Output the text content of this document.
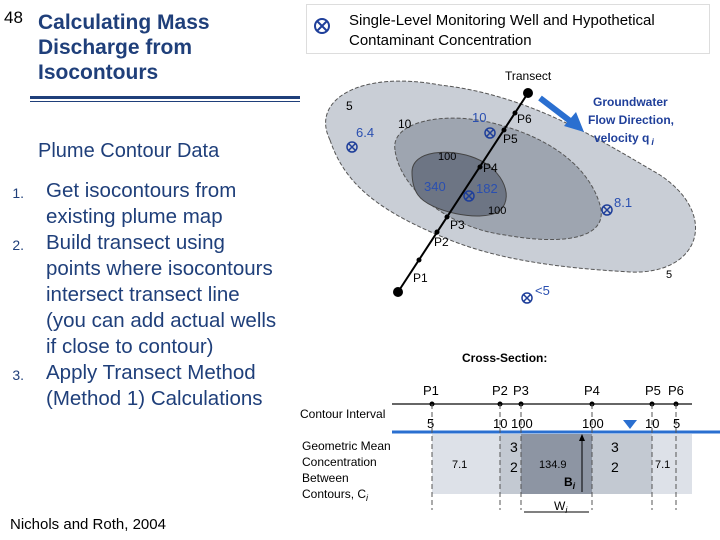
48 Calculating Mass Discharge from Isocontours
Plume Contour Data
1. Get isocontours from existing plume map
2. Build transect using points where isocontours intersect transect line (you can add actual wells if close to contour)
3. Apply Transect Method (Method 1) Calculations
Nichols and Roth, 2004
Transect
P1
P2
P3
P4
P5
P6
5
10	10
100
100
5
6.4
340 182
8.1
<5
Groundwater
Flow Direction,
velocity q $_i$
Cross-Section:
P1	P2 P3	P4	P5 P6
Contour Interval
5	10 100	100	10 5
7.1	134.9	7.1
3
2
3
2
$B_i$
$W_i$
Geometric Mean
Concentration
Between
Contours, $C_i$
Single-Level Monitoring Well and Hypothetical Contaminant Concentration
